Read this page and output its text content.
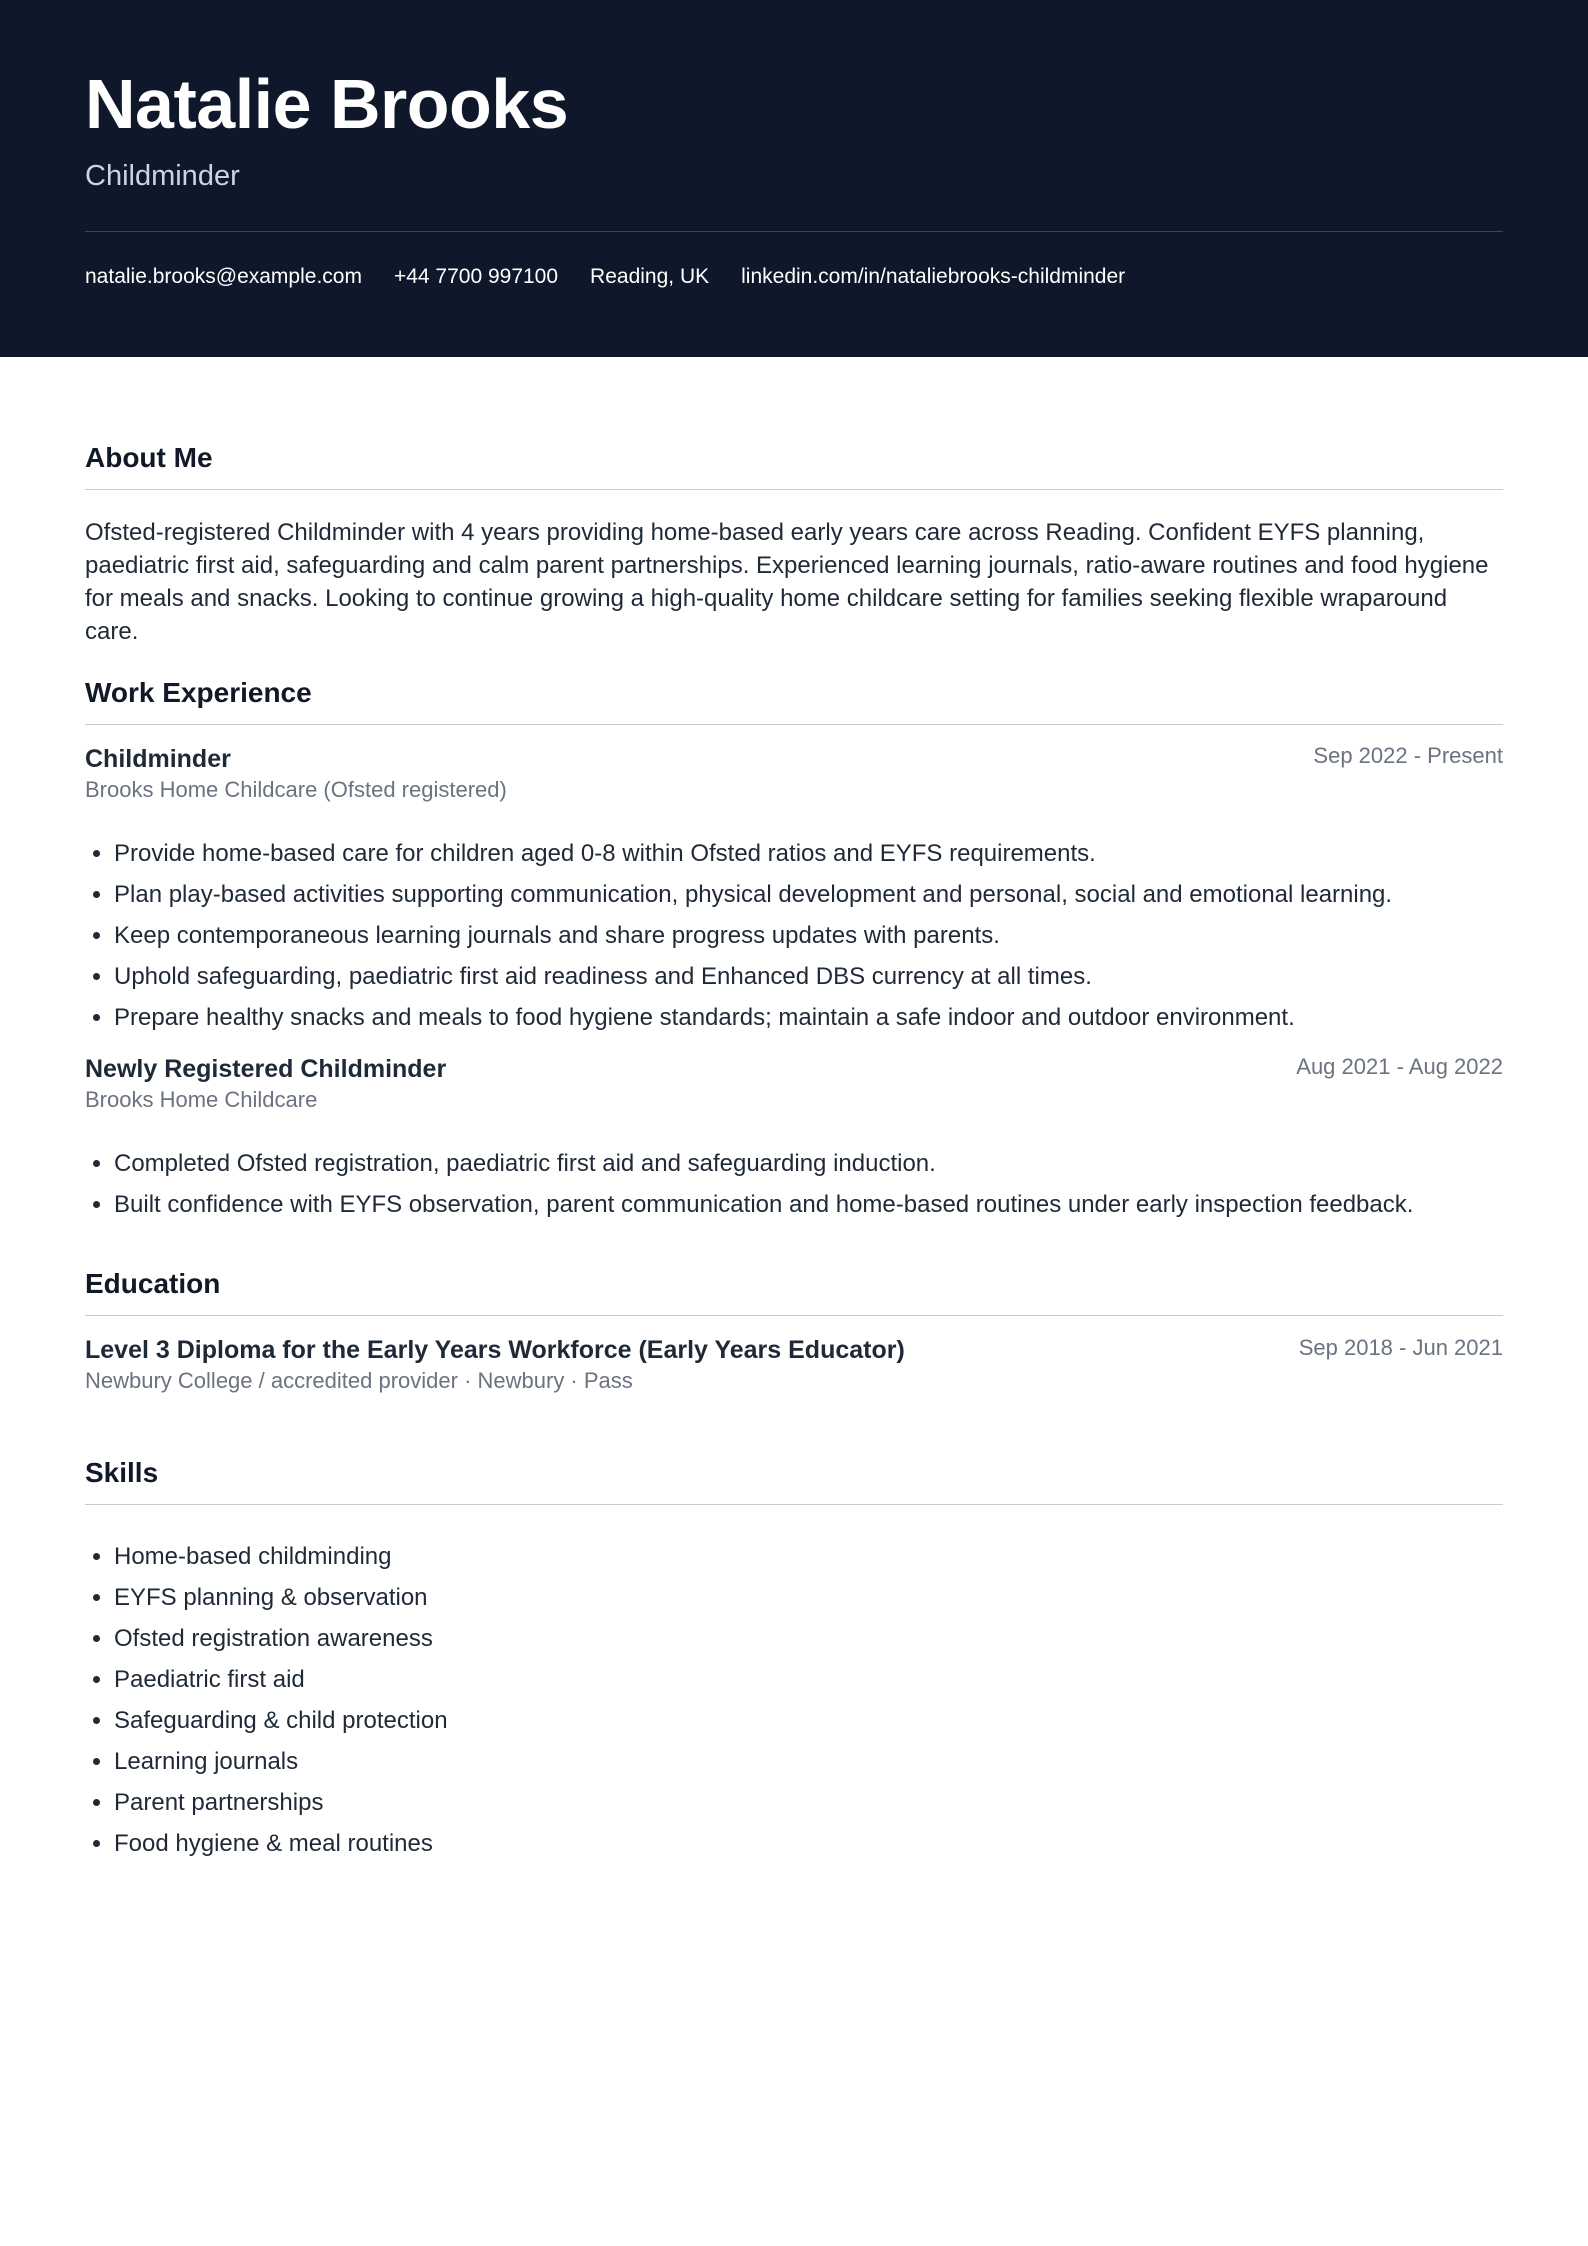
Natalie Brooks
Childminder
natalie.brooks@example.com +44 7700 997100 Reading, UK linkedin.com/in/nataliebrooks-childminder
About Me

Ofsted-registered Childminder with 4 years providing home-based early years care across Reading. Confident EYFS planning, paediatric first aid, safeguarding and calm parent partnerships. Experienced learning journals, ratio-aware routines and food hygiene for meals and snacks. Looking to continue growing a high-quality home childcare setting for families seeking flexible wraparound care.

Work Experience
Childminder	Sep 2022 - Present
Brooks Home Childcare (Ofsted registered)
• Provide home-based care for children aged 0-8 within Ofsted ratios and EYFS requirements.
• Plan play-based activities supporting communication, physical development and personal, social and emotional learning.
• Keep contemporaneous learning journals and share progress updates with parents.
• Uphold safeguarding, paediatric first aid readiness and Enhanced DBS currency at all times.
• Prepare healthy snacks and meals to food hygiene standards; maintain a safe indoor and outdoor environment.
Newly Registered Childminder	Aug 2021 - Aug 2022
Brooks Home Childcare
• Completed Ofsted registration, paediatric first aid and safeguarding induction.
• Built confidence with EYFS observation, parent communication and home-based routines under early inspection feedback.
Education
Level 3 Diploma for the Early Years Workforce (Early Years Educator)	Sep 2018 - Jun 2021
Newbury College / accredited provider · Newbury · Pass
Skills
• Home-based childminding
• EYFS planning & observation
• Ofsted registration awareness
• Paediatric first aid
• Safeguarding & child protection
• Learning journals
• Parent partnerships
• Food hygiene & meal routines
